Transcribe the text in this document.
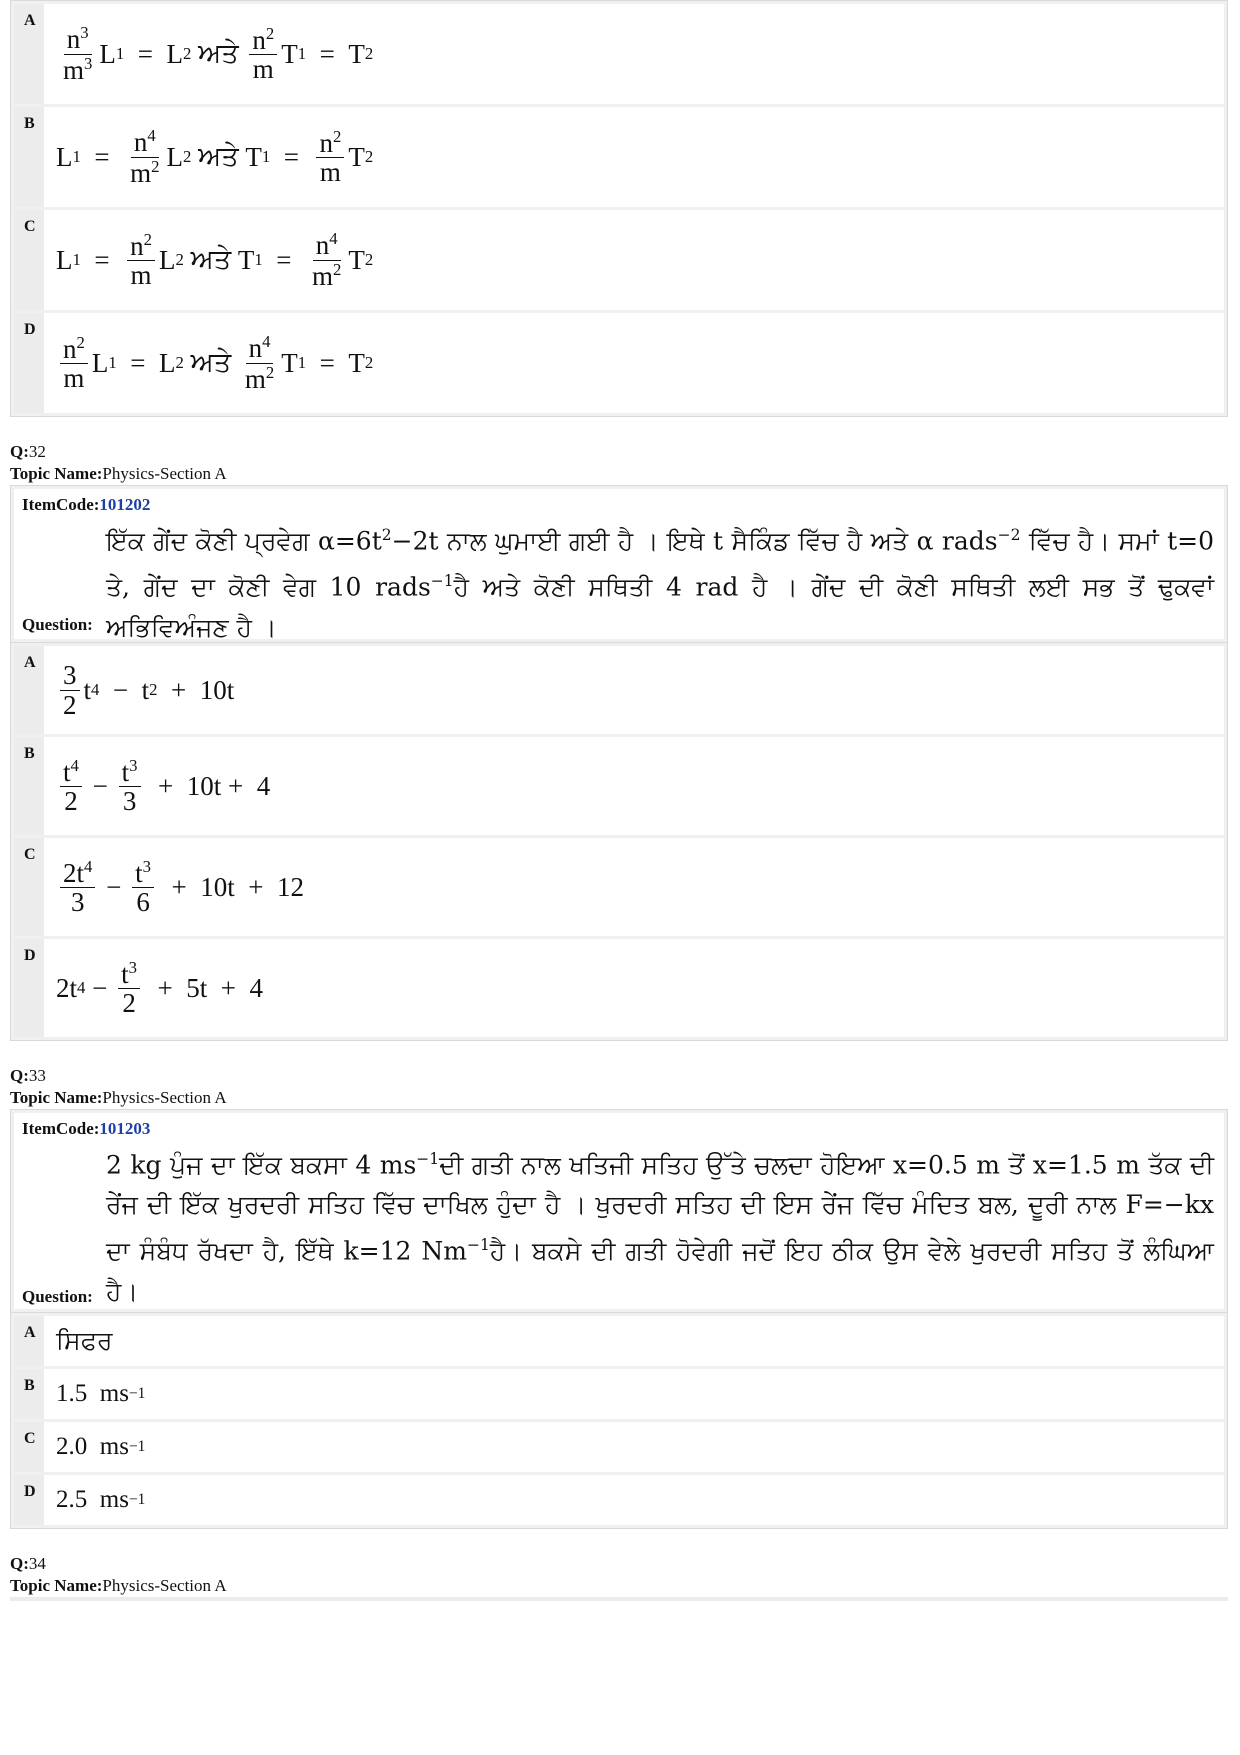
A
$\frac{n^3}{m^3}$ L 1 =  L 2
ਅਤੇ
$\frac{n^2}{m}$ T 1 =  T 2
B
L $1 = \frac{n^4}{m^2}$ L 2
ਅਤੇ T $1 = \frac{n^2}{m}$ T 2
C
L $1 = \frac{n^2}{m}$ L 2
ਅਤੇ T $1 = \frac{n^4}{m^2}$ T 2
D
$\frac{n^2}{m}$ L 1 =  L 2
ਅਤੇ
$\frac{n^4}{m^2}$ T 1 =  T 2
Q:32
Topic Name:Physics-Section A
ItemCode:101202
ਇੱਕ ਗੇਂਦ ਕੋਣੀ ਪ੍ਰਵੇਗ $\alpha=6t^2-2t$ ਨਾਲ ਘੁਮਾਈ ਗਈ ਹੈ । ਇਥੇ t ਸੈਕਿੰਡ ਵਿੱਚ ਹੈ ਅਤੇ α rads$^{-2}$ ਵਿੱਚ ਹੈ। ਸਮਾਂ t=0 ਤੇ, ਗੇਂਦ ਦਾ ਕੋਣੀ ਵੇਗ 10 rads$^{-1}$ਹੈ ਅਤੇ ਕੋਣੀ ਸਥਿਤੀ 4 rad ਹੈ । ਗੇਂਦ ਦੀ ਕੋਣੀ ਸਥਿਤੀ ਲਈ ਸਭ ਤੋਂ ਢੁਕਵਾਂ ਅਭਿਵਿਅੰਜਣ ਹੈ ।
Question:
A $\frac{3}{2}$ t 4 −  t 2 +  10t
B
$\frac{t^4}{2} - \frac{t^3}{3} + 10t + 4$
C
$\frac{2t^4}{3} - \frac{t^3}{6} + 10t + 12$
D
2t $4 - \frac{t^3}{2} + 5t + 4$
Q:33
Topic Name:Physics-Section A
ItemCode:101203
2 kg ਪੁੰਜ ਦਾ ਇੱਕ ਬਕਸਾ 4 $ms^{-1}ਦੀ$ ਗਤੀ ਨਾਲ ਖਤਿਜੀ ਸਤਿਹ ਉੱਤੇ ਚਲਦਾ ਹੋਇਆ x=0.5 m ਤੋਂ x=1.5 m ਤੱਕ ਦੀ ਰੇਂਜ ਦੀ ਇੱਕ ਖੁਰਦਰੀ ਸਤਿਹ ਵਿੱਚ ਦਾਖਿਲ ਹੁੰਦਾ ਹੈ । ਖੁਰਦਰੀ ਸਤਿਹ ਦੀ ਇਸ ਰੇਂਜ ਵਿੱਚ ਮੰਦਿਤ ਬਲ, ਦੂਰੀ ਨਾਲ F=−kx ਦਾ ਸੰਬੰਧ ਰੱਖਦਾ ਹੈ, ਇੱਥੇ k=12 $Nm^{-1}ਹੈ।$ ਬਕਸੇ ਦੀ ਗਤੀ ਹੋਵੇਗੀ ਜਦੋਂ ਇਹ ਠੀਕ ਉਸ ਵੇਲੇ ਖੁਰਦਰੀ ਸਤਿਹ ਤੋਂ ਲੰਘਿਆ ਹੈ।
Question:
A ਸਿਫਰ
B 1.5  ms −1
C 2.0  ms −1
D 2.5  ms −1
Q:34
Topic Name:Physics-Section A
